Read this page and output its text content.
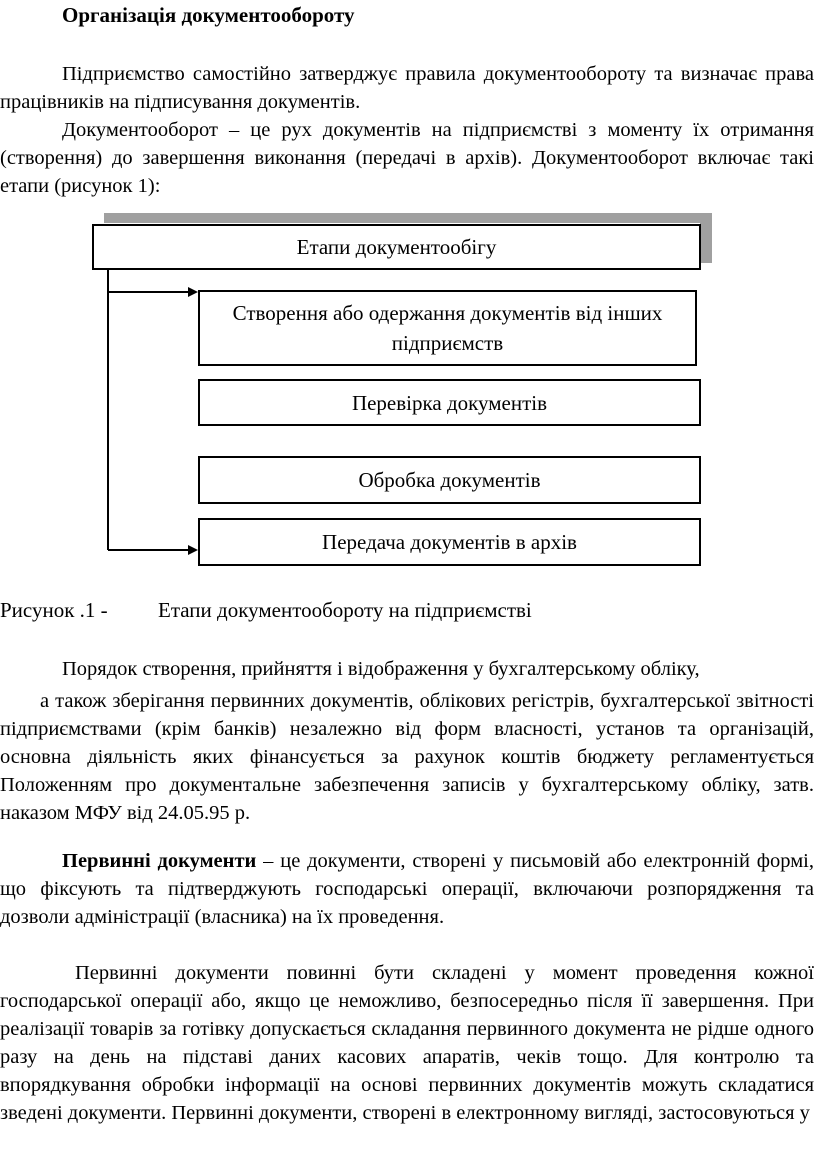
Організація документообороту

Підприємство самостійно затверджує правила документообороту та визначає права працівників на підписування документів.

Документооборот – це рух документів на підприємстві з моменту їх отримання (створення) до завершення виконання (передачі в архів). Документооборот включає такі етапи (рисунок 1):

Етапи документообігу
Створення або одержання документів від інших підприємств
Перевірка документів
Обробка документів
Передача документів в архів
Рисунок .1 - Етапи документообороту на підприємстві
Порядок створення, прийняття і відображення у бухгалтерському обліку,
а також зберігання первинних документів, облікових регістрів, бухгалтерської звітності підприємствами (крім банків) незалежно від форм власності, установ та організацій, основна діяльність яких фінансується за рахунок коштів бюджету регламентується Положенням про документальне забезпечення записів у бухгалтерському обліку, затв. наказом МФУ від 24.05.95 р.

Первинні документи – це документи, створені у письмовій або електронній формі, що фіксують та підтверджують господарські операції, включаючи розпорядження та дозволи адміністрації (власника) на їх проведення.

Первинні документи повинні бути складені у момент проведення кожної господарської операції або, якщо це неможливо, безпосередньо після її завершення. При реалізації товарів за готівку допускається складання первинного документа не рідше одного разу на день на підставі даних касових апаратів, чеків тощо. Для контролю та впорядкування обробки інформації на основі первинних документів можуть складатися зведені документи. Первинні документи, створені в електронному вигляді, застосовуються у
